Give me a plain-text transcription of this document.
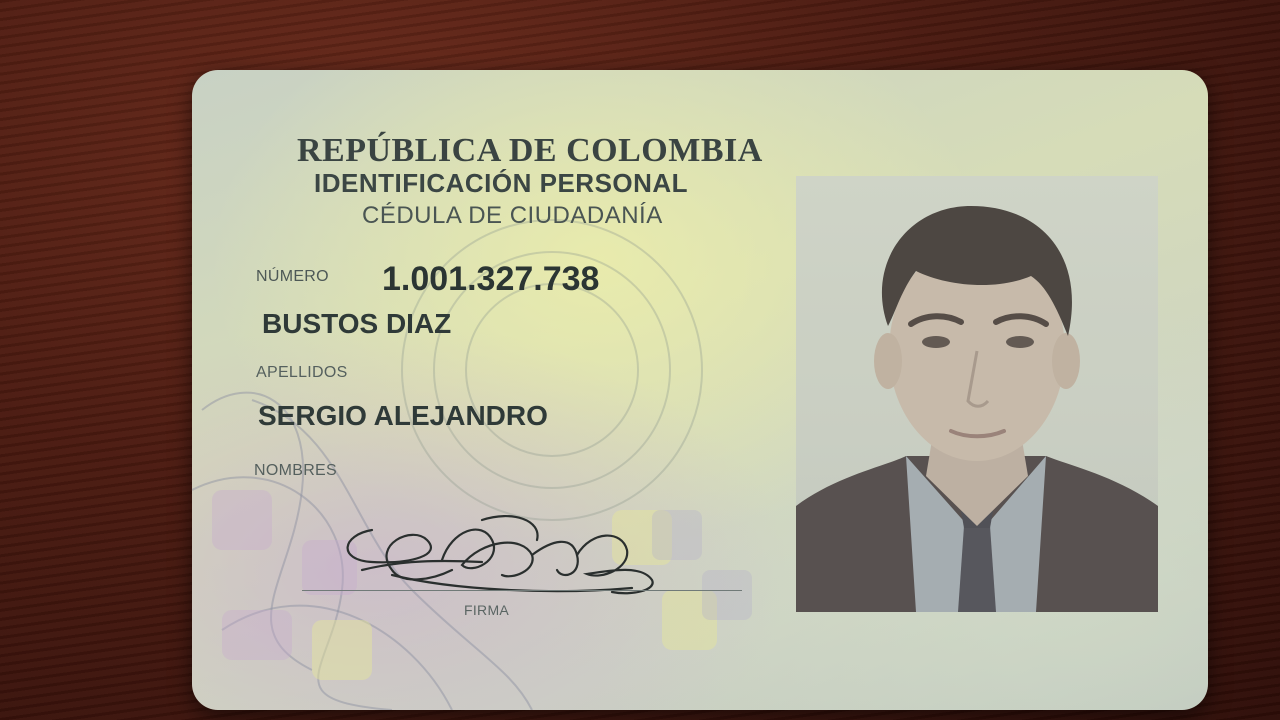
REPÚBLICA DE COLOMBIA
IDENTIFICACIÓN PERSONAL
CÉDULA DE CIUDADANÍA
NÚMERO 1.001.327.738
BUSTOS DIAZ
APELLIDOS
SERGIO ALEJANDRO
NOMBRES
FIRMA
